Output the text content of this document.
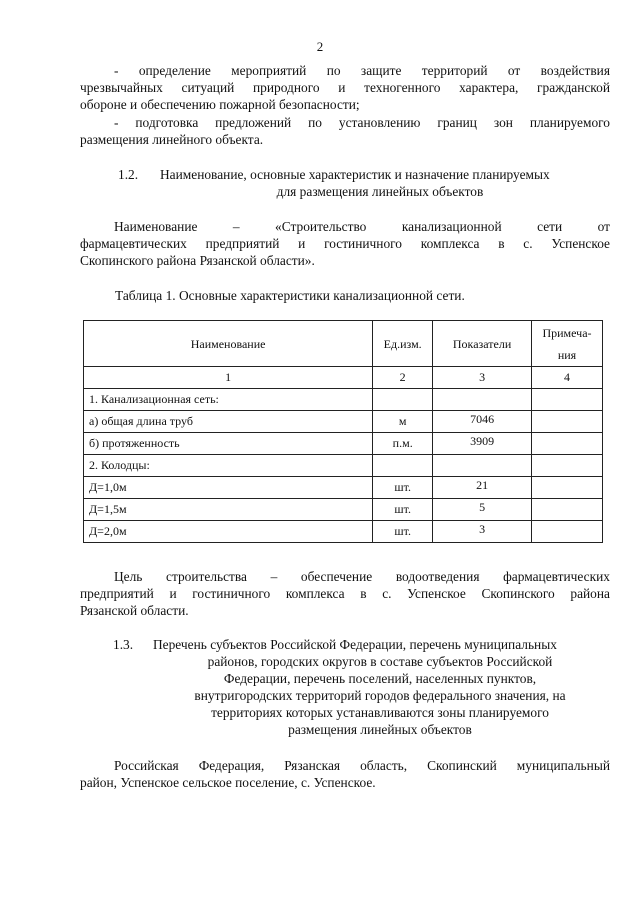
2
- определение мероприятий по защите территорий от воздействия
чрезвычайных ситуаций природного и техногенного характера, гражданской
обороне и обеспечению пожарной безопасности;
- подготовка предложений по установлению границ зон планируемого
размещения линейного объекта.
1.2. Наименование, основные характеристик и назначение планируемых
для размещения линейных объектов
Наименование – «Строительство канализационной сети от
фармацевтических предприятий и гостиничного комплекса в с. Успенское
Скопинского района Рязанской области».
Таблица 1. Основные характеристики канализационной сети.
Наименование	Ед.изм.	Показатели	Примеча-
ния
1	2	3	4
1. Канализационная сеть:			
а) общая длина труб	м	7046	
б) протяженность	п.м.	3909	
2. Колодцы:			
Д=1,0м	шт.	21	
Д=1,5м	шт.	5	
Д=2,0м	шт.	3	
Цель строительства – обеспечение водоотведения фармацевтических
предприятий и гостиничного комплекса в с. Успенское Скопинского района
Рязанской области.
1.3. Перечень субъектов Российской Федерации, перечень муниципальных
районов, городских округов в составе субъектов Российской
Федерации, перечень поселений, населенных пунктов,
внутригородских территорий городов федерального значения, на
территориях которых устанавливаются зоны планируемого
размещения линейных объектов
Российская Федерация, Рязанская область, Скопинский муниципальный
район, Успенское сельское поселение, с. Успенское.
